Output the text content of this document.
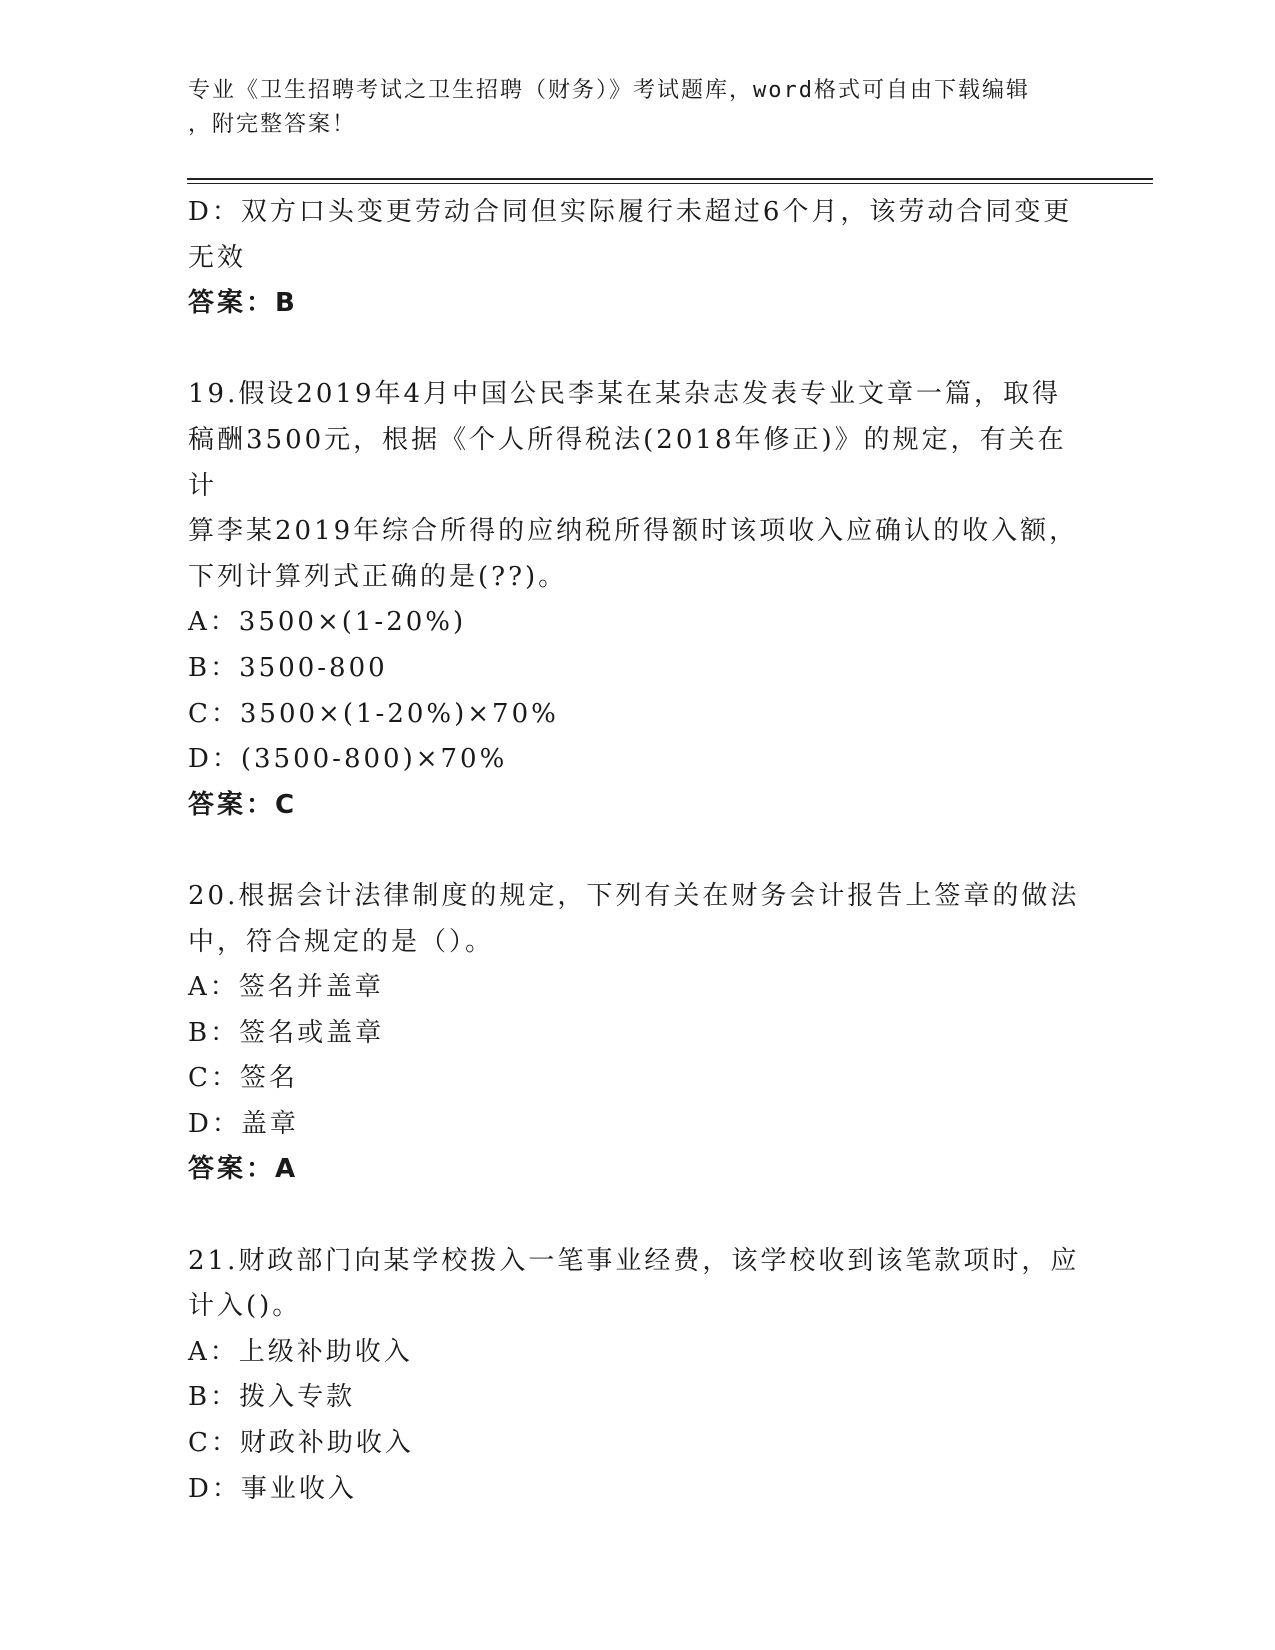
专业《卫生招聘考试之卫生招聘（财务）》考试题库，word格式可自由下载编辑
，附完整答案！
D：双方口头变更劳动合同但实际履行未超过6个月，该劳动合同变更
无效
答案：B
19.假设2019年4月中国公民李某在某杂志发表专业文章一篇，取得
稿酬3500元，根据《个人所得税法(2018年修正)》的规定，有关在计
算李某2019年综合所得的应纳税所得额时该项收入应确认的收入额，
下列计算列式正确的是(??)。
A：3500×(1-20%)
B：3500-800
C：3500×(1-20%)×70%
D：(3500-800)×70%
答案：C
20.根据会计法律制度的规定，下列有关在财务会计报告上签章的做法
中，符合规定的是（）。
A：签名并盖章
B：签名或盖章
C：签名
D：盖章
答案：A
21.财政部门向某学校拨入一笔事业经费，该学校收到该笔款项时，应
计入()。
A：上级补助收入
B：拨入专款
C：财政补助收入
D：事业收入
